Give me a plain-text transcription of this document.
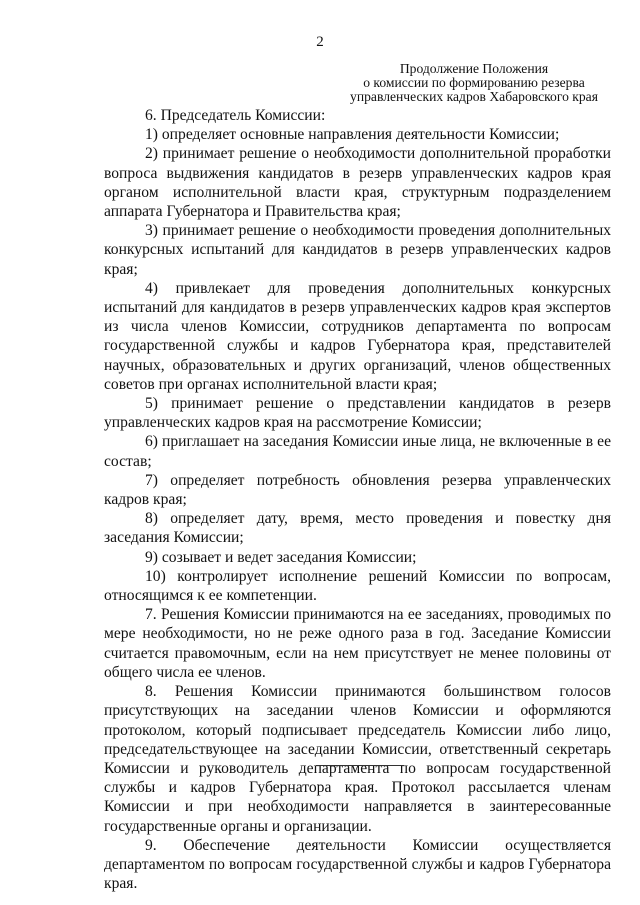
2
Продолжение Положения
о комиссии по формированию резерва
управленческих кадров Хабаровского края

6. Председатель Комиссии:

1) определяет основные направления деятельности Комиссии;

2) принимает решение о необходимости дополнительной проработки вопроса выдвижения кандидатов в резерв управленческих кадров края органом исполнительной власти края, структурным подразделением аппарата Губернатора и Правительства края;

3) принимает решение о необходимости проведения дополнительных конкурсных испытаний для кандидатов в резерв управленческих кадров края;

4) привлекает для проведения дополнительных конкурсных испытаний для кандидатов в резерв управленческих кадров края экспертов из числа членов Комиссии, сотрудников департамента по вопросам государственной службы и кадров Губернатора края, представителей научных, образовательных и других организаций, членов общественных советов при органах исполнительной власти края;

5) принимает решение о представлении кандидатов в резерв управленческих кадров края на рассмотрение Комиссии;

6) приглашает на заседания Комиссии иные лица, не включенные в ее состав;

7) определяет потребность обновления резерва управленческих кадров края;

8) определяет дату, время, место проведения и повестку дня заседания Комиссии;

9) созывает и ведет заседания Комиссии;

10) контролирует исполнение решений Комиссии по вопросам, относящимся к ее компетенции.

7. Решения Комиссии принимаются на ее заседаниях, проводимых по мере необходимости, но не реже одного раза в год. Заседание Комиссии считается правомочным, если на нем присутствует не менее половины от общего числа ее членов.

8. Решения Комиссии принимаются большинством голосов присутствующих на заседании членов Комиссии и оформляются протоколом, который подписывает председатель Комиссии либо лицо, председательствующее на заседании Комиссии, ответственный секретарь Комиссии и руководитель департамента по вопросам государственной службы и кадров Губернатора края. Протокол рассылается членам Комиссии и при необходимости направляется в заинтересованные государственные органы и организации.

9. Обеспечение деятельности Комиссии осуществляется департаментом по вопросам государственной службы и кадров Губернатора края.
